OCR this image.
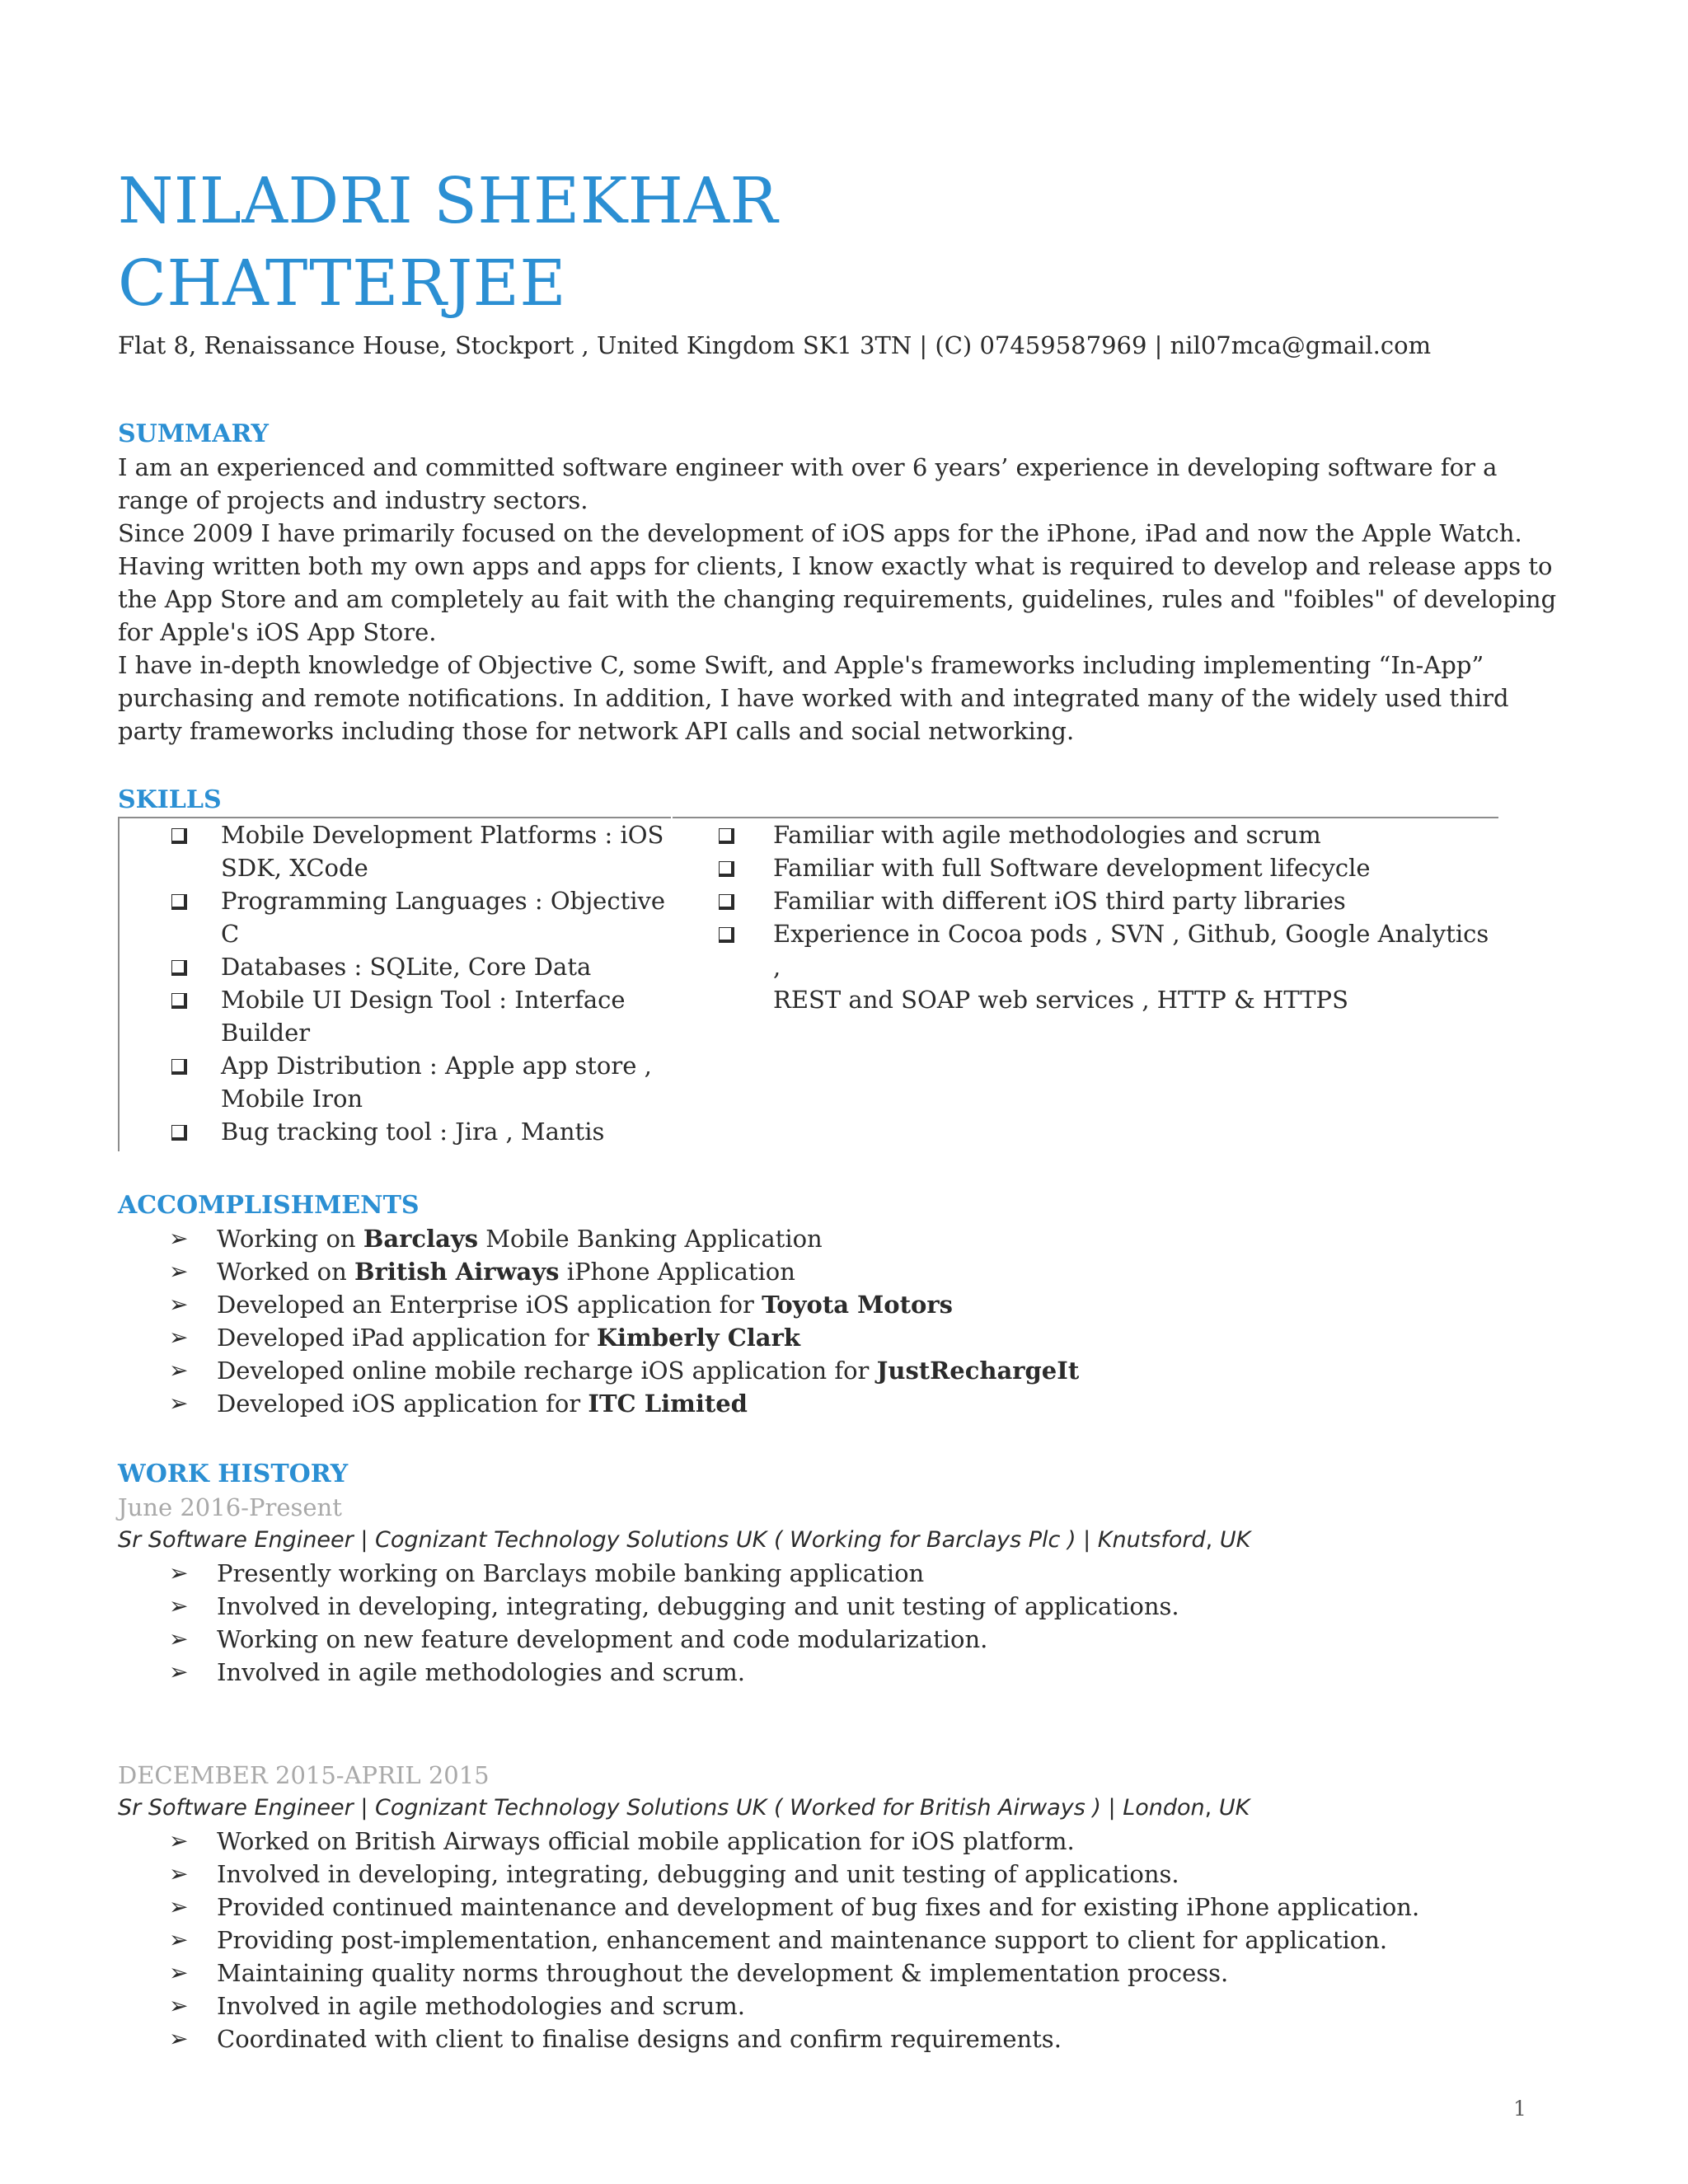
NILADRI SHEKHAR
CHATTERJEE
Flat 8, Renaissance House, Stockport , United Kingdom SK1 3TN | (C) 07459587969 | nil07mca@gmail.com
SUMMARY

I am an experienced and committed software engineer with over 6 years’ experience in developing software for a range of projects and industry sectors.

Since 2009 I have primarily focused on the development of iOS apps for the iPhone, iPad and now the Apple Watch. Having written both my own apps and apps for clients, I know exactly what is required to develop and release apps to the App Store and am completely au fait with the changing requirements, guidelines, rules and "foibles" of developing for Apple's iOS App Store.

I have in-depth knowledge of Objective C, some Swift, and Apple's frameworks including implementing “In-App” purchasing and remote notifications. In addition, I have worked with and integrated many of the widely used third party frameworks including those for network API calls and social networking.

SKILLS
Mobile Development Platforms : iOS
SDK, XCode
Programming Languages : Objective C
Databases : SQLite, Core Data
Mobile UI Design Tool : Interface
Builder
App Distribution : Apple app store ,
Mobile Iron
Bug tracking tool : Jira , Mantis
Familiar with agile methodologies and scrum
Familiar with full Software development lifecycle
Familiar with different iOS third party libraries
Experience in Cocoa pods , SVN , Github, Google Analytics ,
REST and SOAP web services , HTTP & HTTPS
ACCOMPLISHMENTS
➢ Working on Barclays Mobile Banking Application
➢ Worked on British Airways iPhone Application
➢ Developed an Enterprise iOS application for Toyota Motors
➢ Developed iPad application for Kimberly Clark
➢ Developed online mobile recharge iOS application for JustRechargeIt
➢ Developed iOS application for ITC Limited
WORK HISTORY
June 2016-Present
Sr Software Engineer | Cognizant Technology Solutions UK ( Working for Barclays Plc ) | Knutsford, UK
➢ Presently working on Barclays mobile banking application
➢ Involved in developing, integrating, debugging and unit testing of applications.
➢ Working on new feature development and code modularization.
➢ Involved in agile methodologies and scrum.
DECEMBER 2015-APRIL 2015
Sr Software Engineer | Cognizant Technology Solutions UK ( Worked for British Airways ) | London, UK
➢ Worked on British Airways official mobile application for iOS platform.
➢ Involved in developing, integrating, debugging and unit testing of applications.
➢ Provided continued maintenance and development of bug fixes and for existing iPhone application.
➢ Providing post-implementation, enhancement and maintenance support to client for application.
➢ Maintaining quality norms throughout the development & implementation process.
➢ Involved in agile methodologies and scrum.
➢ Coordinated with client to finalise designs and confirm requirements.
1
